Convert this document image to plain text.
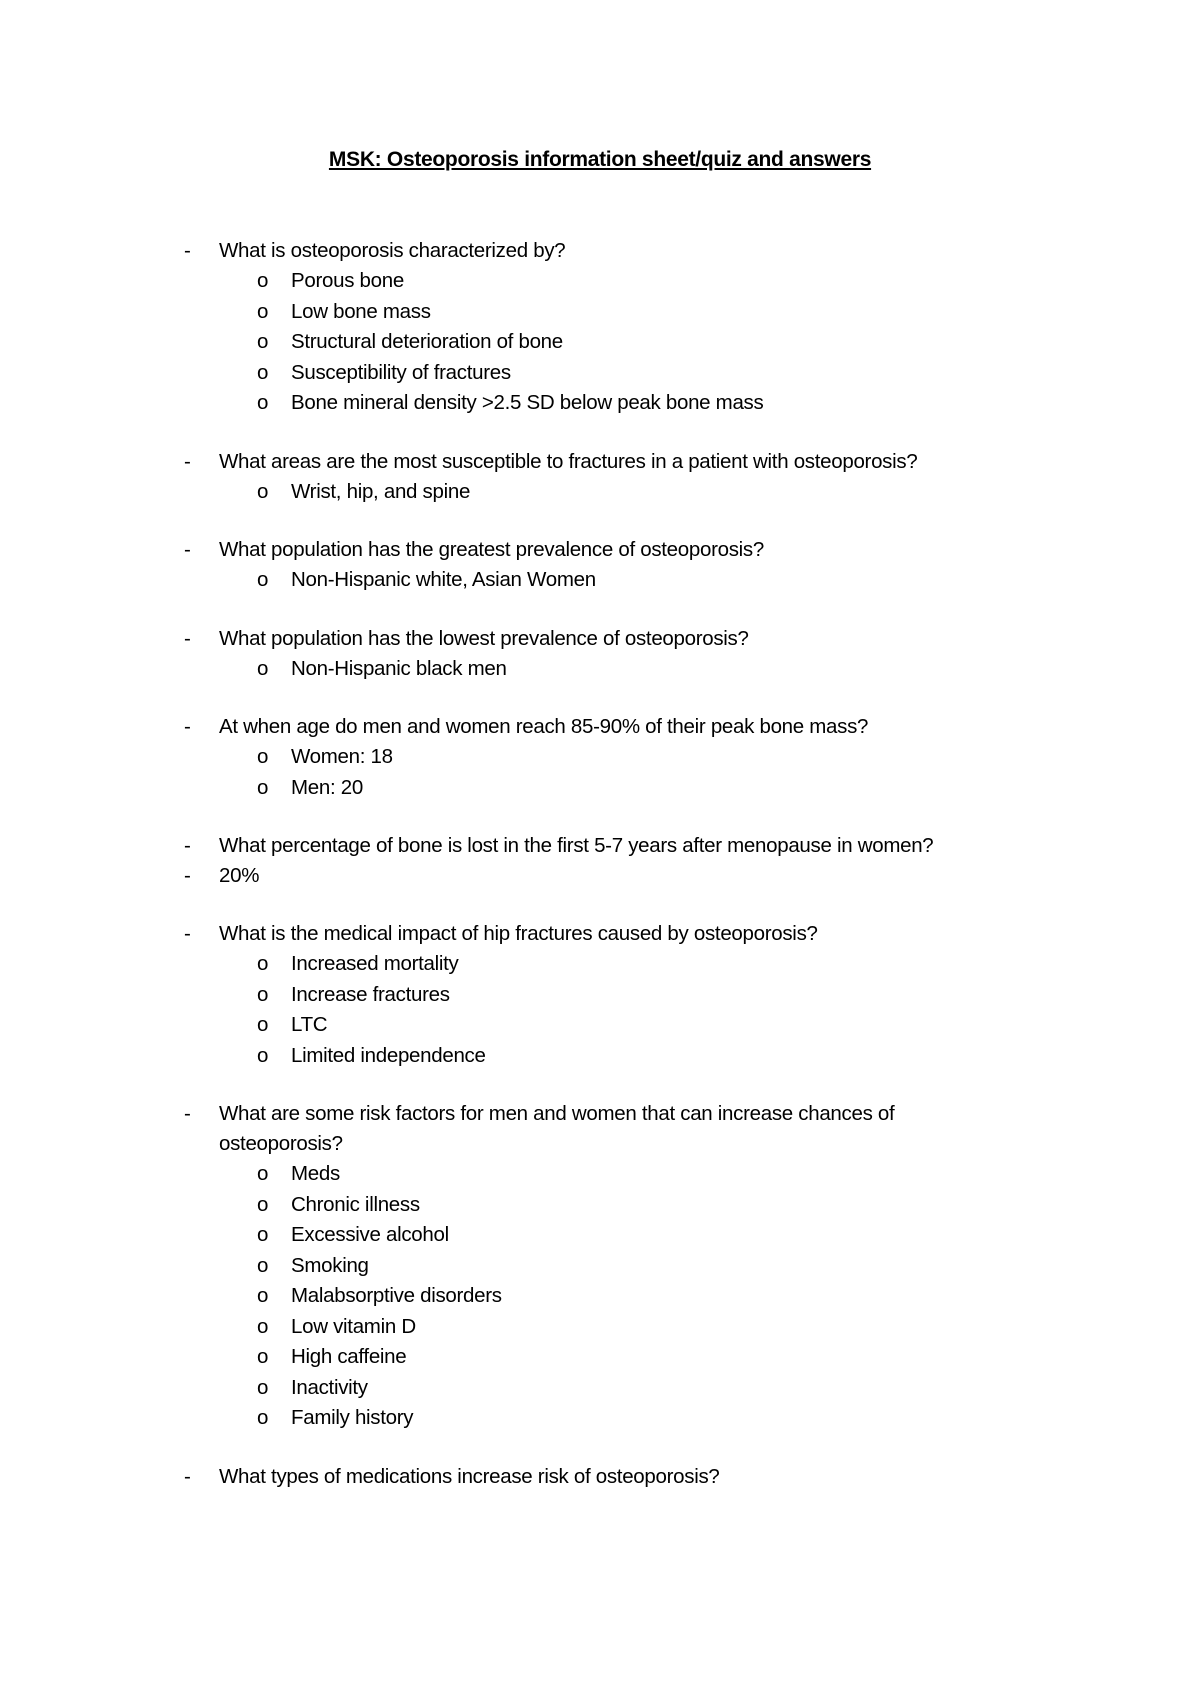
MSK: Osteoporosis information sheet/quiz and answers
- What is osteoporosis characterized by?
o Porous bone
o Low bone mass
o Structural deterioration of bone
o Susceptibility of fractures
o Bone mineral density >2.5 SD below peak bone mass
- What areas are the most susceptible to fractures in a patient with osteoporosis?
o Wrist, hip, and spine
- What population has the greatest prevalence of osteoporosis?
o Non-Hispanic white, Asian Women
- What population has the lowest prevalence of osteoporosis?
o Non-Hispanic black men
- At when age do men and women reach 85-90% of their peak bone mass?
o Women: 18
o Men: 20
- What percentage of bone is lost in the first 5-7 years after menopause in women?
- 20%
- What is the medical impact of hip fractures caused by osteoporosis?
o Increased mortality
o Increase fractures
o LTC
o Limited independence
- What are some risk factors for men and women that can increase chances of osteoporosis?
o Meds
o Chronic illness
o Excessive alcohol
o Smoking
o Malabsorptive disorders
o Low vitamin D
o High caffeine
o Inactivity
o Family history
- What types of medications increase risk of osteoporosis?
